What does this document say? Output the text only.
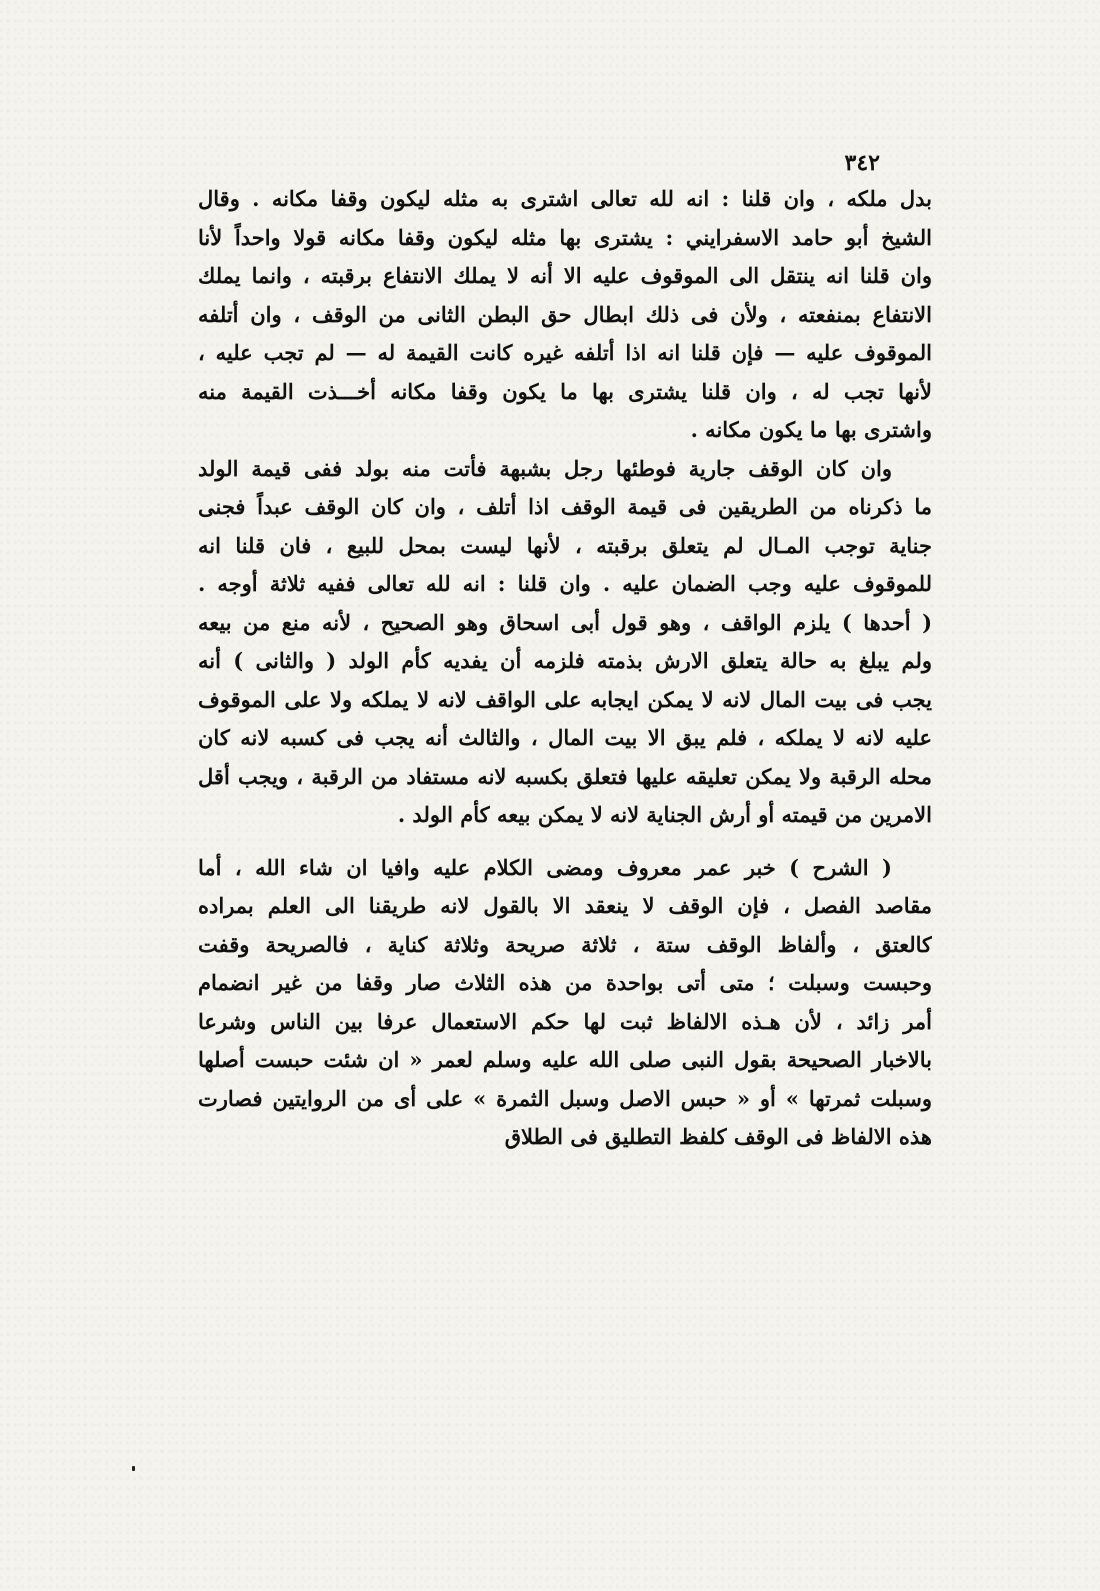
٣٤٢
بدل ملكه ، وان قلنا : انه لله تعالى اشترى به مثله ليكون وقفا مكانه . وقال
الشيخ أبو حامد الاسفرايني : يشترى بها مثله ليكون وقفا مكانه قولا واحداً لأنا
وان قلنا انه ينتقل الى الموقوف عليه الا أنه لا يملك الانتفاع برقبته ، وانما يملك
الانتفاع بمنفعته ، ولأن فى ذلك ابطال حق البطن الثانى من الوقف ، وان أتلفه
الموقوف عليه — فإن قلنا انه اذا أتلفه غيره كانت القيمة له — لم تجب عليه ،
لأنها تجب له ، وان قلنا يشترى بها ما يكون وقفا مكانه أخـــذت القيمة منه
واشترى بها ما يكون مكانه .
وان كان الوقف جارية فوطئها رجل بشبهة فأتت منه بولد ففى قيمة الولد
ما ذكرناه من الطريقين فى قيمة الوقف اذا أتلف ، وان كان الوقف عبداً فجنى
جناية توجب المـال لم يتعلق برقبته ، لأنها ليست بمحل للبيع ، فان قلنا انه
للموقوف عليه وجب الضمان عليه . وان قلنا : انه لله تعالى ففيه ثلاثة أوجه .
( أحدها ) يلزم الواقف ، وهو قول أبى اسحاق وهو الصحيح ، لأنه منع من بيعه
ولم يبلغ به حالة يتعلق الارش بذمته فلزمه أن يفديه كأم الولد ( والثانى ) أنه
يجب فى بيت المال لانه لا يمكن ايجابه على الواقف لانه لا يملكه ولا على الموقوف
عليه لانه لا يملكه ، فلم يبق الا بيت المال ، والثالث أنه يجب فى كسبه لانه كان
محله الرقبة ولا يمكن تعليقه عليها فتعلق بكسبه لانه مستفاد من الرقبة ، ويجب أقل
الامرين من قيمته أو أرش الجناية لانه لا يمكن بيعه كأم الولد .
( الشرح ) خبر عمر معروف ومضى الكلام عليه وافيا ان شاء الله ، أما
مقاصد الفصل ، فإن الوقف لا ينعقد الا بالقول لانه طريقنا الى العلم بمراده
كالعتق ، وألفاظ الوقف ستة ، ثلاثة صريحة وثلاثة كناية ، فالصريحة وقفت
وحبست وسبلت ؛ متى أتى بواحدة من هذه الثلاث صار وقفا من غير انضمام
أمر زائد ، لأن هـذه الالفاظ ثبت لها حكم الاستعمال عرفا بين الناس وشرعا
بالاخبار الصحيحة بقول النبى صلى الله عليه وسلم لعمر « ان شئت حبست أصلها
وسبلت ثمرتها » أو « حبس الاصل وسبل الثمرة » على أى من الروايتين فصارت
هذه الالفاظ فى الوقف كلفظ التطليق فى الطلاق
